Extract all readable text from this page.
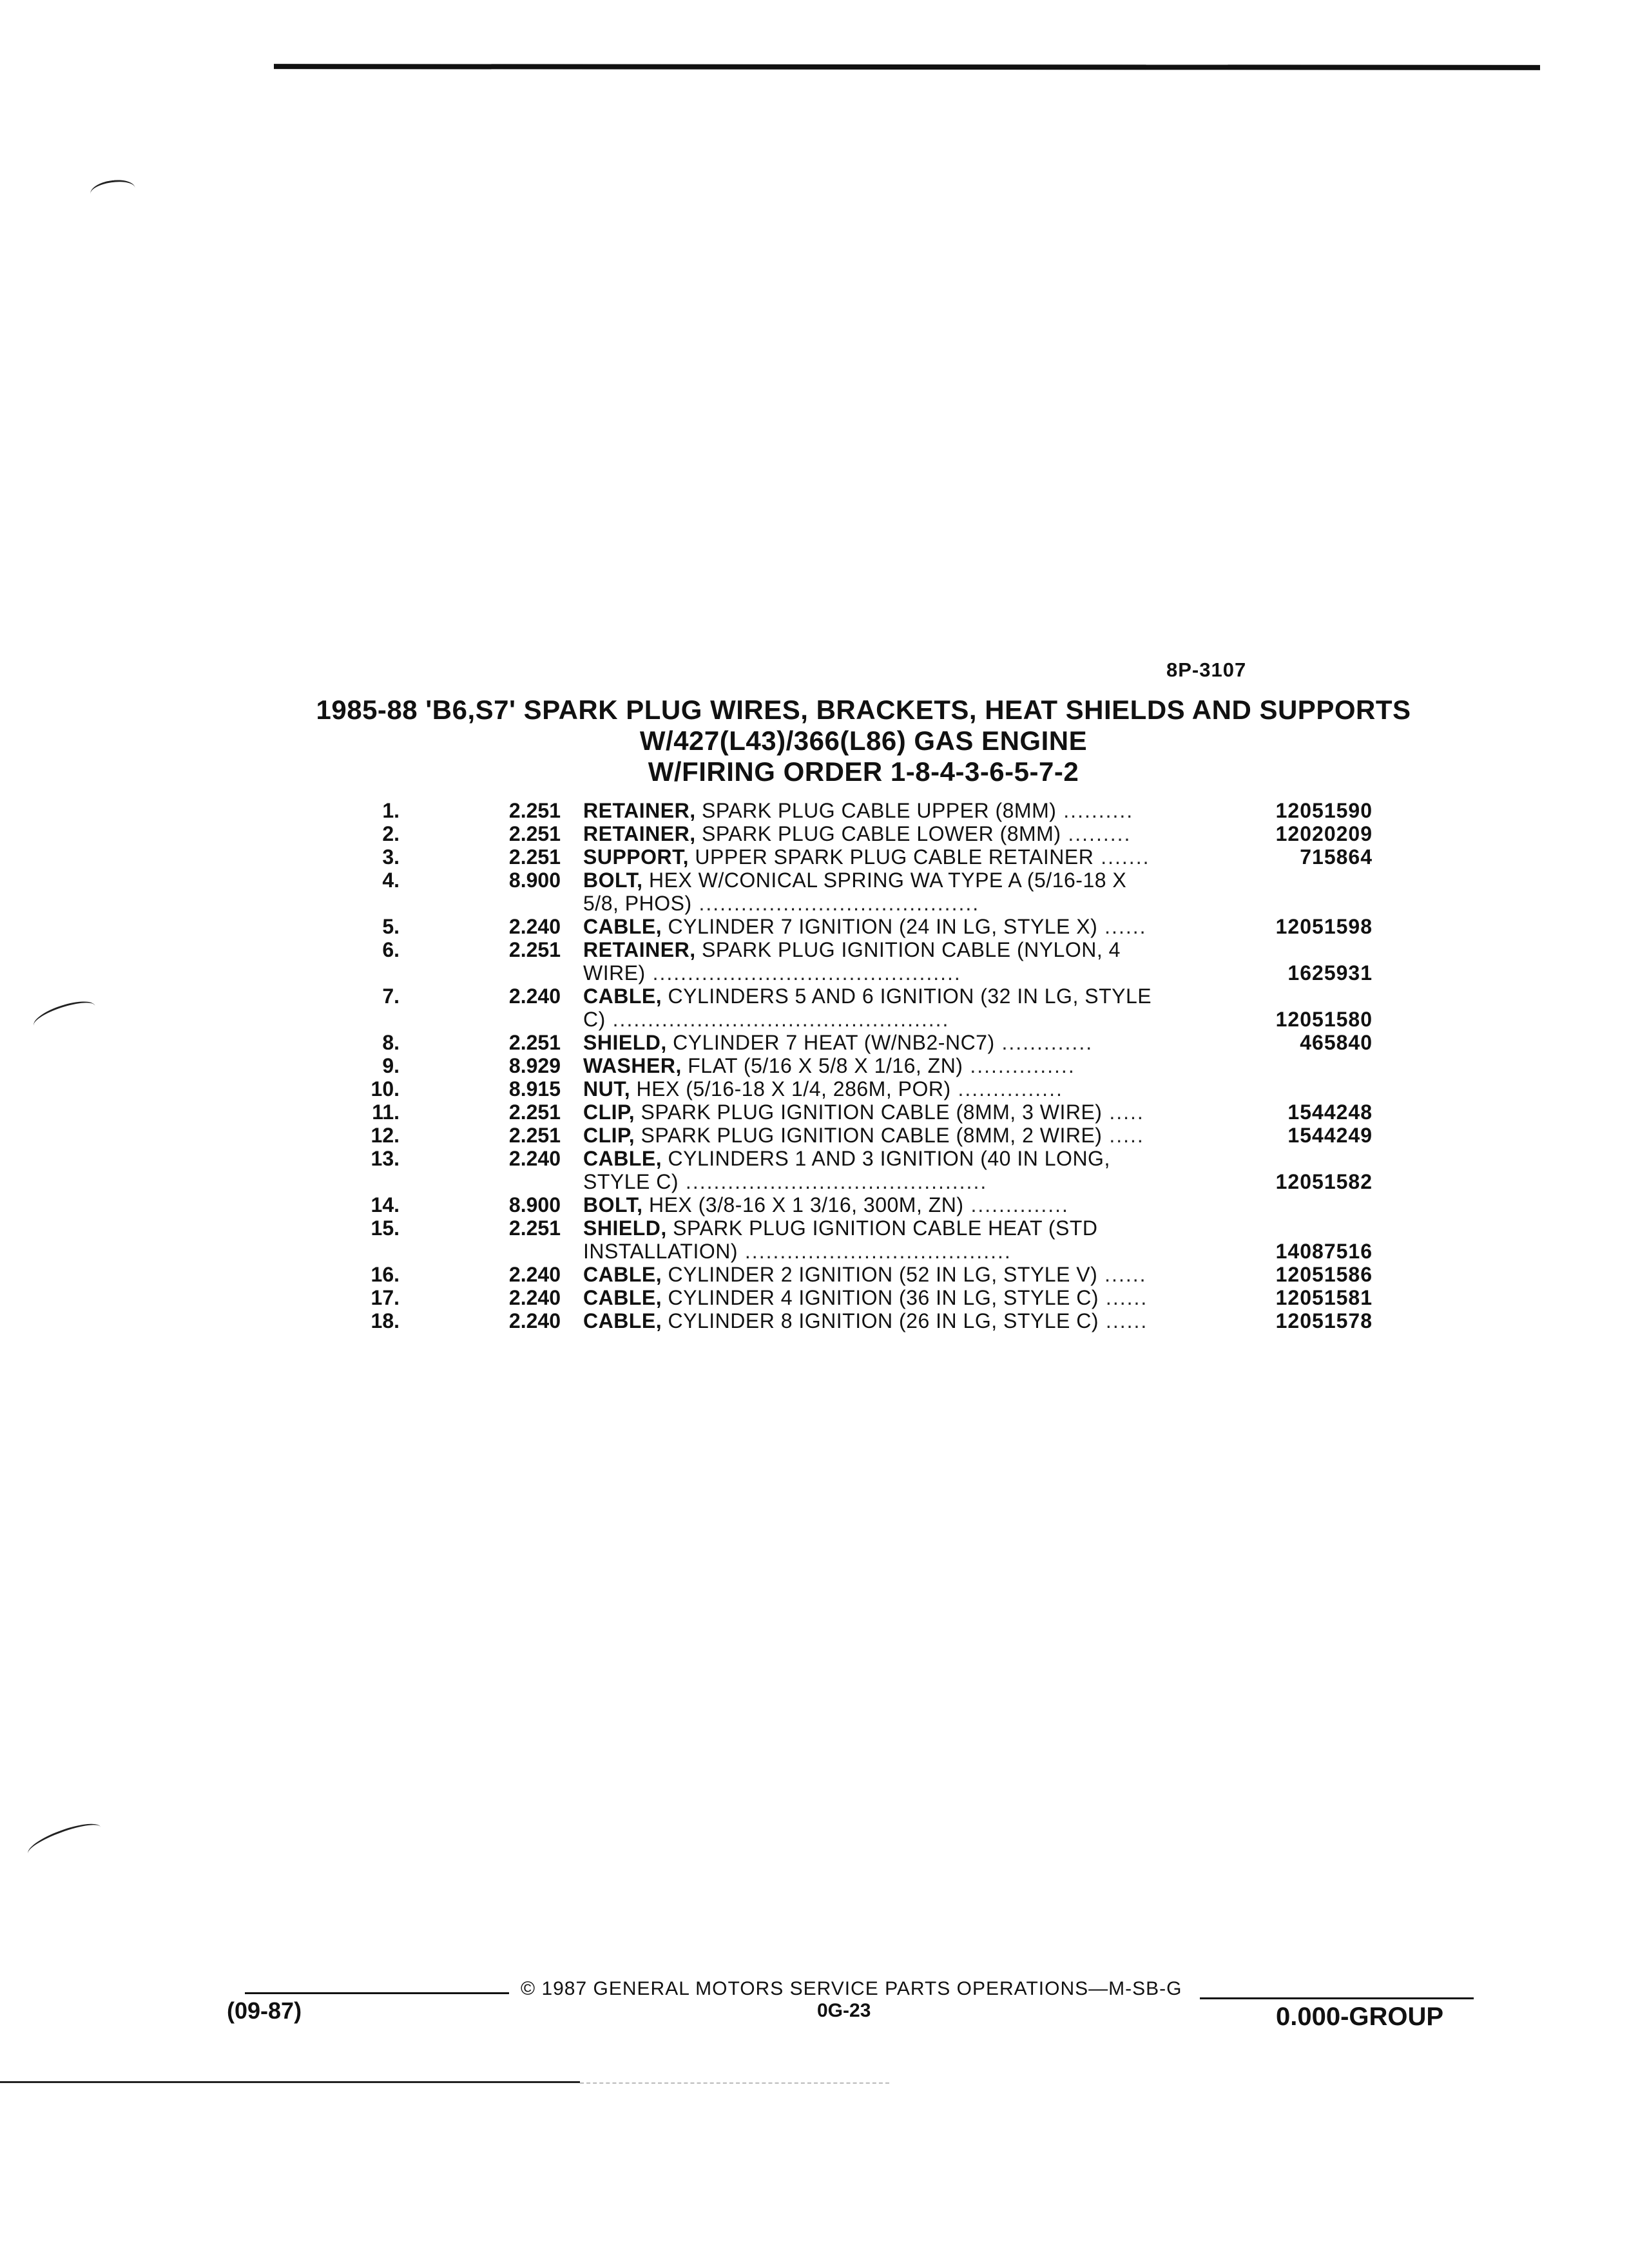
8P-3107
1985-88 'B6,S7' SPARK PLUG WIRES, BRACKETS, HEAT SHIELDS AND SUPPORTS
W/427(L43)/366(L86) GAS ENGINE
W/FIRING ORDER 1-8-4-3-6-5-7-2
1.	2.251 RETAINER, SPARK PLUG CABLE UPPER (8MM) ..........	12051590
2.	2.251 RETAINER, SPARK PLUG CABLE LOWER (8MM) .........	12020209
3.	2.251 SUPPORT, UPPER SPARK PLUG CABLE RETAINER .......	715864
4.	8.900 BOLT, HEX W/CONICAL SPRING WA TYPE A (5/16-18 X
5/8, PHOS) ........................................
5.	2.240 CABLE, CYLINDER 7 IGNITION (24 IN LG, STYLE X) ......	12051598
6.	2.251 RETAINER, SPARK PLUG IGNITION CABLE (NYLON, 4
WIRE) ............................................	1625931
7.	2.240 CABLE, CYLINDERS 5 AND 6 IGNITION (32 IN LG, STYLE
C) ................................................	12051580
8.	2.251 SHIELD, CYLINDER 7 HEAT (W/NB2-NC7) .............	465840
9.	8.929 WASHER, FLAT (5/16 X 5/8 X 1/16, ZN) ...............
10.	8.915 NUT, HEX (5/16-18 X 1/4, 286M, POR) ...............
11.	2.251 CLIP, SPARK PLUG IGNITION CABLE (8MM, 3 WIRE) .....	1544248
12.	2.251 CLIP, SPARK PLUG IGNITION CABLE (8MM, 2 WIRE) .....	1544249
13.	2.240 CABLE, CYLINDERS 1 AND 3 IGNITION (40 IN LONG,
STYLE C) ...........................................	12051582
14.	8.900 BOLT, HEX (3/8-16 X 1 3/16, 300M, ZN) ..............
15.	2.251 SHIELD, SPARK PLUG IGNITION CABLE HEAT (STD
INSTALLATION) ......................................	14087516
16.	2.240 CABLE, CYLINDER 2 IGNITION (52 IN LG, STYLE V) ......	12051586
17.	2.240 CABLE, CYLINDER 4 IGNITION (36 IN LG, STYLE C) ......	12051581
18.	2.240 CABLE, CYLINDER 8 IGNITION (26 IN LG, STYLE C) ......	12051578
© 1987 GENERAL MOTORS SERVICE PARTS OPERATIONS—M-SB-G
(09-87)	0G-23	0.000-GROUP
